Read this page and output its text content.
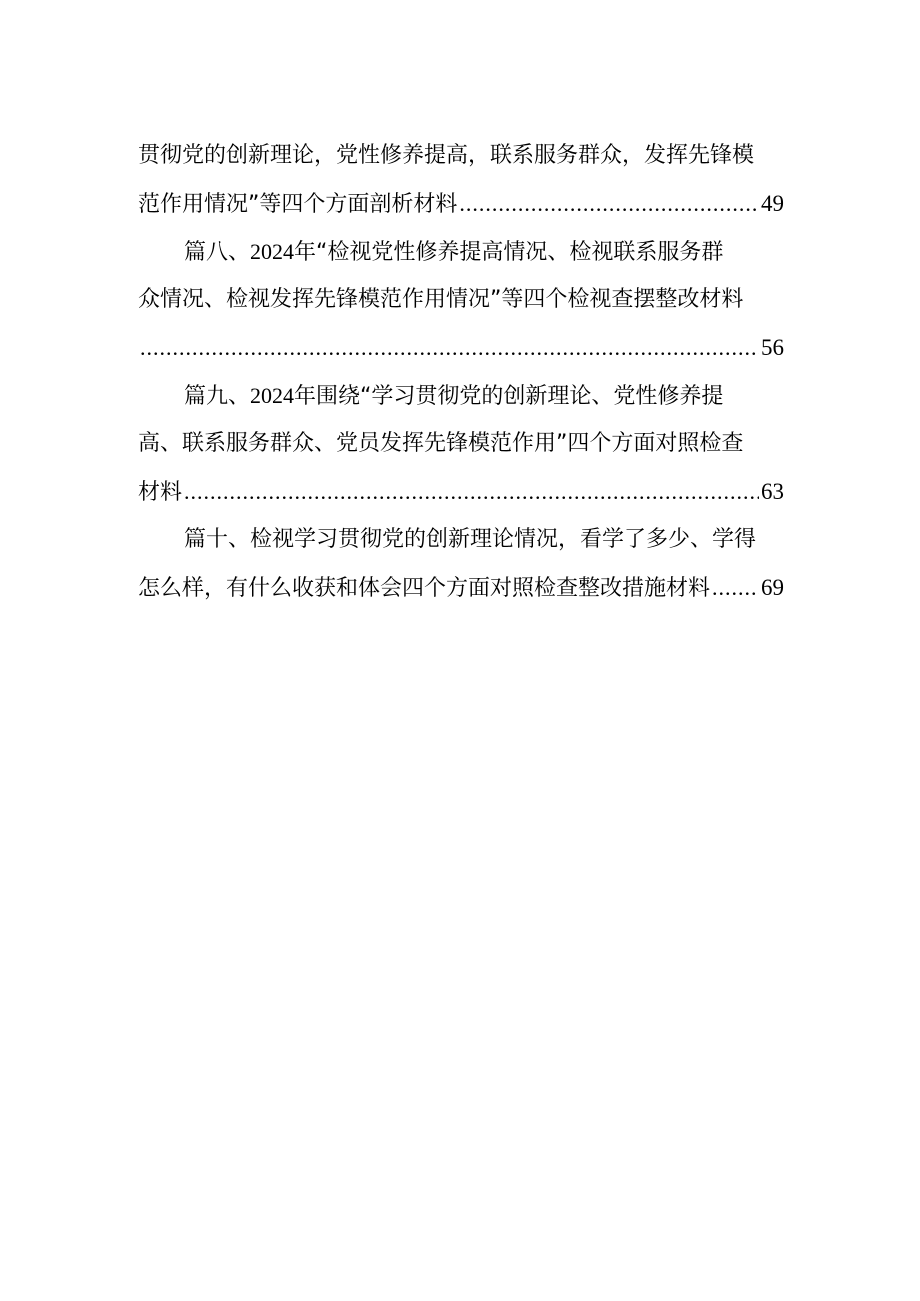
贯彻党的创新理论，党性修养提高，联系服务群众，发挥先锋模
范作用情况”等四个方面剖析材料 .....	49
篇八、 2024 年“检视党性修养提高情况、检视联系服务群
众情况、检视发挥先锋模范作用情况”等四个检视查摆整改材料
.....
56
篇九、 2024 年围绕“学习贯彻党的创新理论、党性修养提
高、联系服务群众、党员发挥先锋模范作用”四个方面对照检查
材料 .....	63
篇十、检视学习贯彻党的创新理论情况，看学了多少、学得
怎么样，有什么收获和体会四个方面对照检查整改措施材料 ..... 69
